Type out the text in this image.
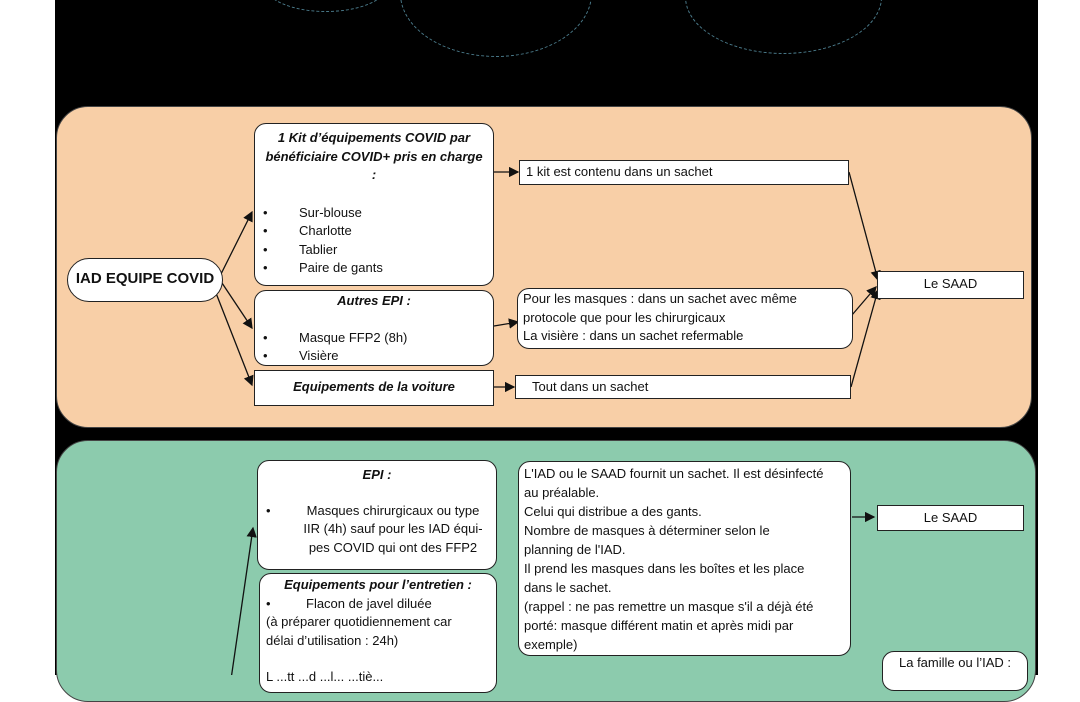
IAD EQUIPE COVID
1 Kit d’équipements COVID par bénéficiaire COVID+ pris en charge :
• Sur-blouse
• Charlotte
• Tablier
• Paire de gants
1 kit est contenu dans un sachet
Autres EPI :
• Masque FFP2 (8h)
• Visière
Pour les masques : dans un sachet avec même
protocole que pour les chirurgicaux
La visière : dans un sachet refermable
Equipements de la voiture	Tout dans un sachet
Le SAAD
EPI :
•	Masques chirurgicaux ou type
IIR (4h) sauf pour les IAD équi-
pes COVID qui ont des FFP2
L'IAD ou le SAAD fournit un sachet. Il est désinfecté
au préalable.
Celui qui distribue a des gants.
Nombre de masques à déterminer selon le
planning de l'IAD.
Il prend les masques dans les boîtes et les place
dans le sachet.
(rappel : ne pas remettre un masque s'il a déjà été
porté: masque différent matin et après midi par
exemple)
Le SAAD
Equipements pour l’entretien :
•	Flacon de javel diluée
(à préparer quotidiennement car
délai d’utilisation : 24h)
L ...tt ...d ...l... ...tiè...
La famille ou l’IAD :
